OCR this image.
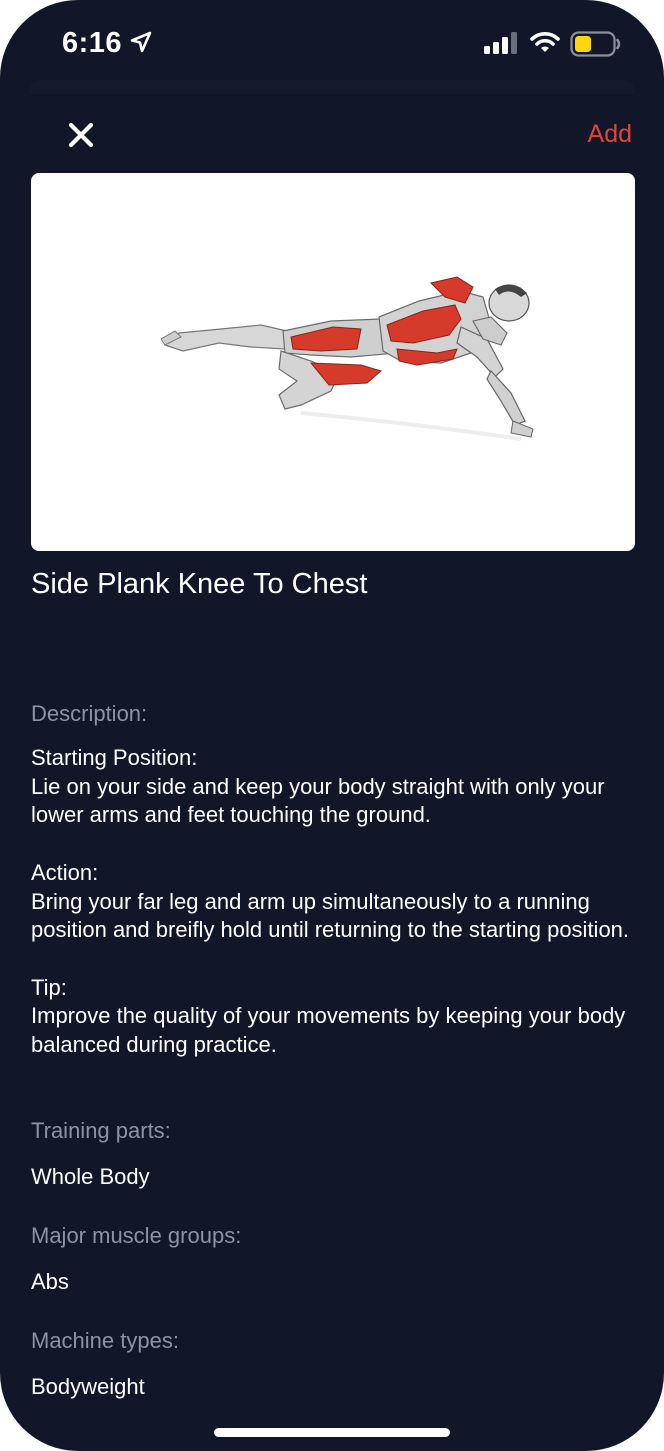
6:16
Add
Side Plank Knee To Chest
Description:
Starting Position:
Lie on your side and keep your body straight with only your lower arms and feet touching the ground.

Action:
Bring your far leg and arm up simultaneously to a running position and breifly hold until returning to the starting position.

Tip:
Improve the quality of your movements by keeping your body balanced during practice.
Training parts:
Whole Body
Major muscle groups:
Abs
Machine types:
Bodyweight
